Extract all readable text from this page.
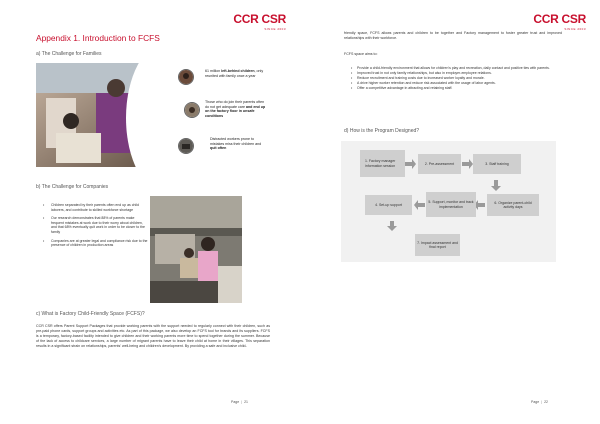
CCR CSR
SINCE 2003
Appendix 1. Introduction to FCFS
a) The Challenge for Families
61 million left-behind children, only reunited with family once a year
Those who do join their parents often do not get adequate care and end up on the factory floor in unsafe conditions
Distracted workers prone to mistakes miss their children and quit often
b) The Challenge for Companies
• Children separated by their parents often end up as child laborers, and contribute to skilled workforce shortage
• Our research demonstrates that 88% of parents make frequent mistakes at work due to their worry about children, and that 68% eventually quit work in order to be closer to the family
• Companies are at greater legal and compliance risk due to the presence of children in production areas
c) What is Factory Child-Friendly Space (FCFS)?

CCR CSR offers Parent Support Packages that provide working parents with the support needed to regularly connect with their children, such as pre-paid phone cards, support groups and activities etc. As part of this package, we also develop an FCFS tool for brands and its suppliers. FCFS is a temporary, factory-based facility intended to give children and their working parents more time to spend together during the summer. Because of the lack of access to childcare services, a large number of migrant parents have to leave their child at home in their villages. This separation results in a significant strain on relationships, parents' well-being and children's development. By providing a safe and inclusive child-

Page | 21
CCR CSR
SINCE 2003

friendly space, FCFS allows parents and children to be together and Factory management to foster greater trust and improved relationships with their workforce.

FCFS space aims to:
• Provide a child-friendly environment that allows for children's play and recreation, daily contact and positive ties with parents.
• Improved trust in not only family relationships, but also in employer-employee relations.
• Reduce recruitment and training costs due to increased worker loyalty and morale.
• A drive higher worker retention and reduce risk associated with the usage of labor agents.
• Offer a competitive advantage in attracting and retaining staff.
d) How is the Program Designed?
1. Factory manager information session	2. Pre-assessment	3. Staff training
4. Set-up support
5. Support, monitor and track implementation
6. Organize parent-child activity days
7. Impact assessment and final report
Page | 22
